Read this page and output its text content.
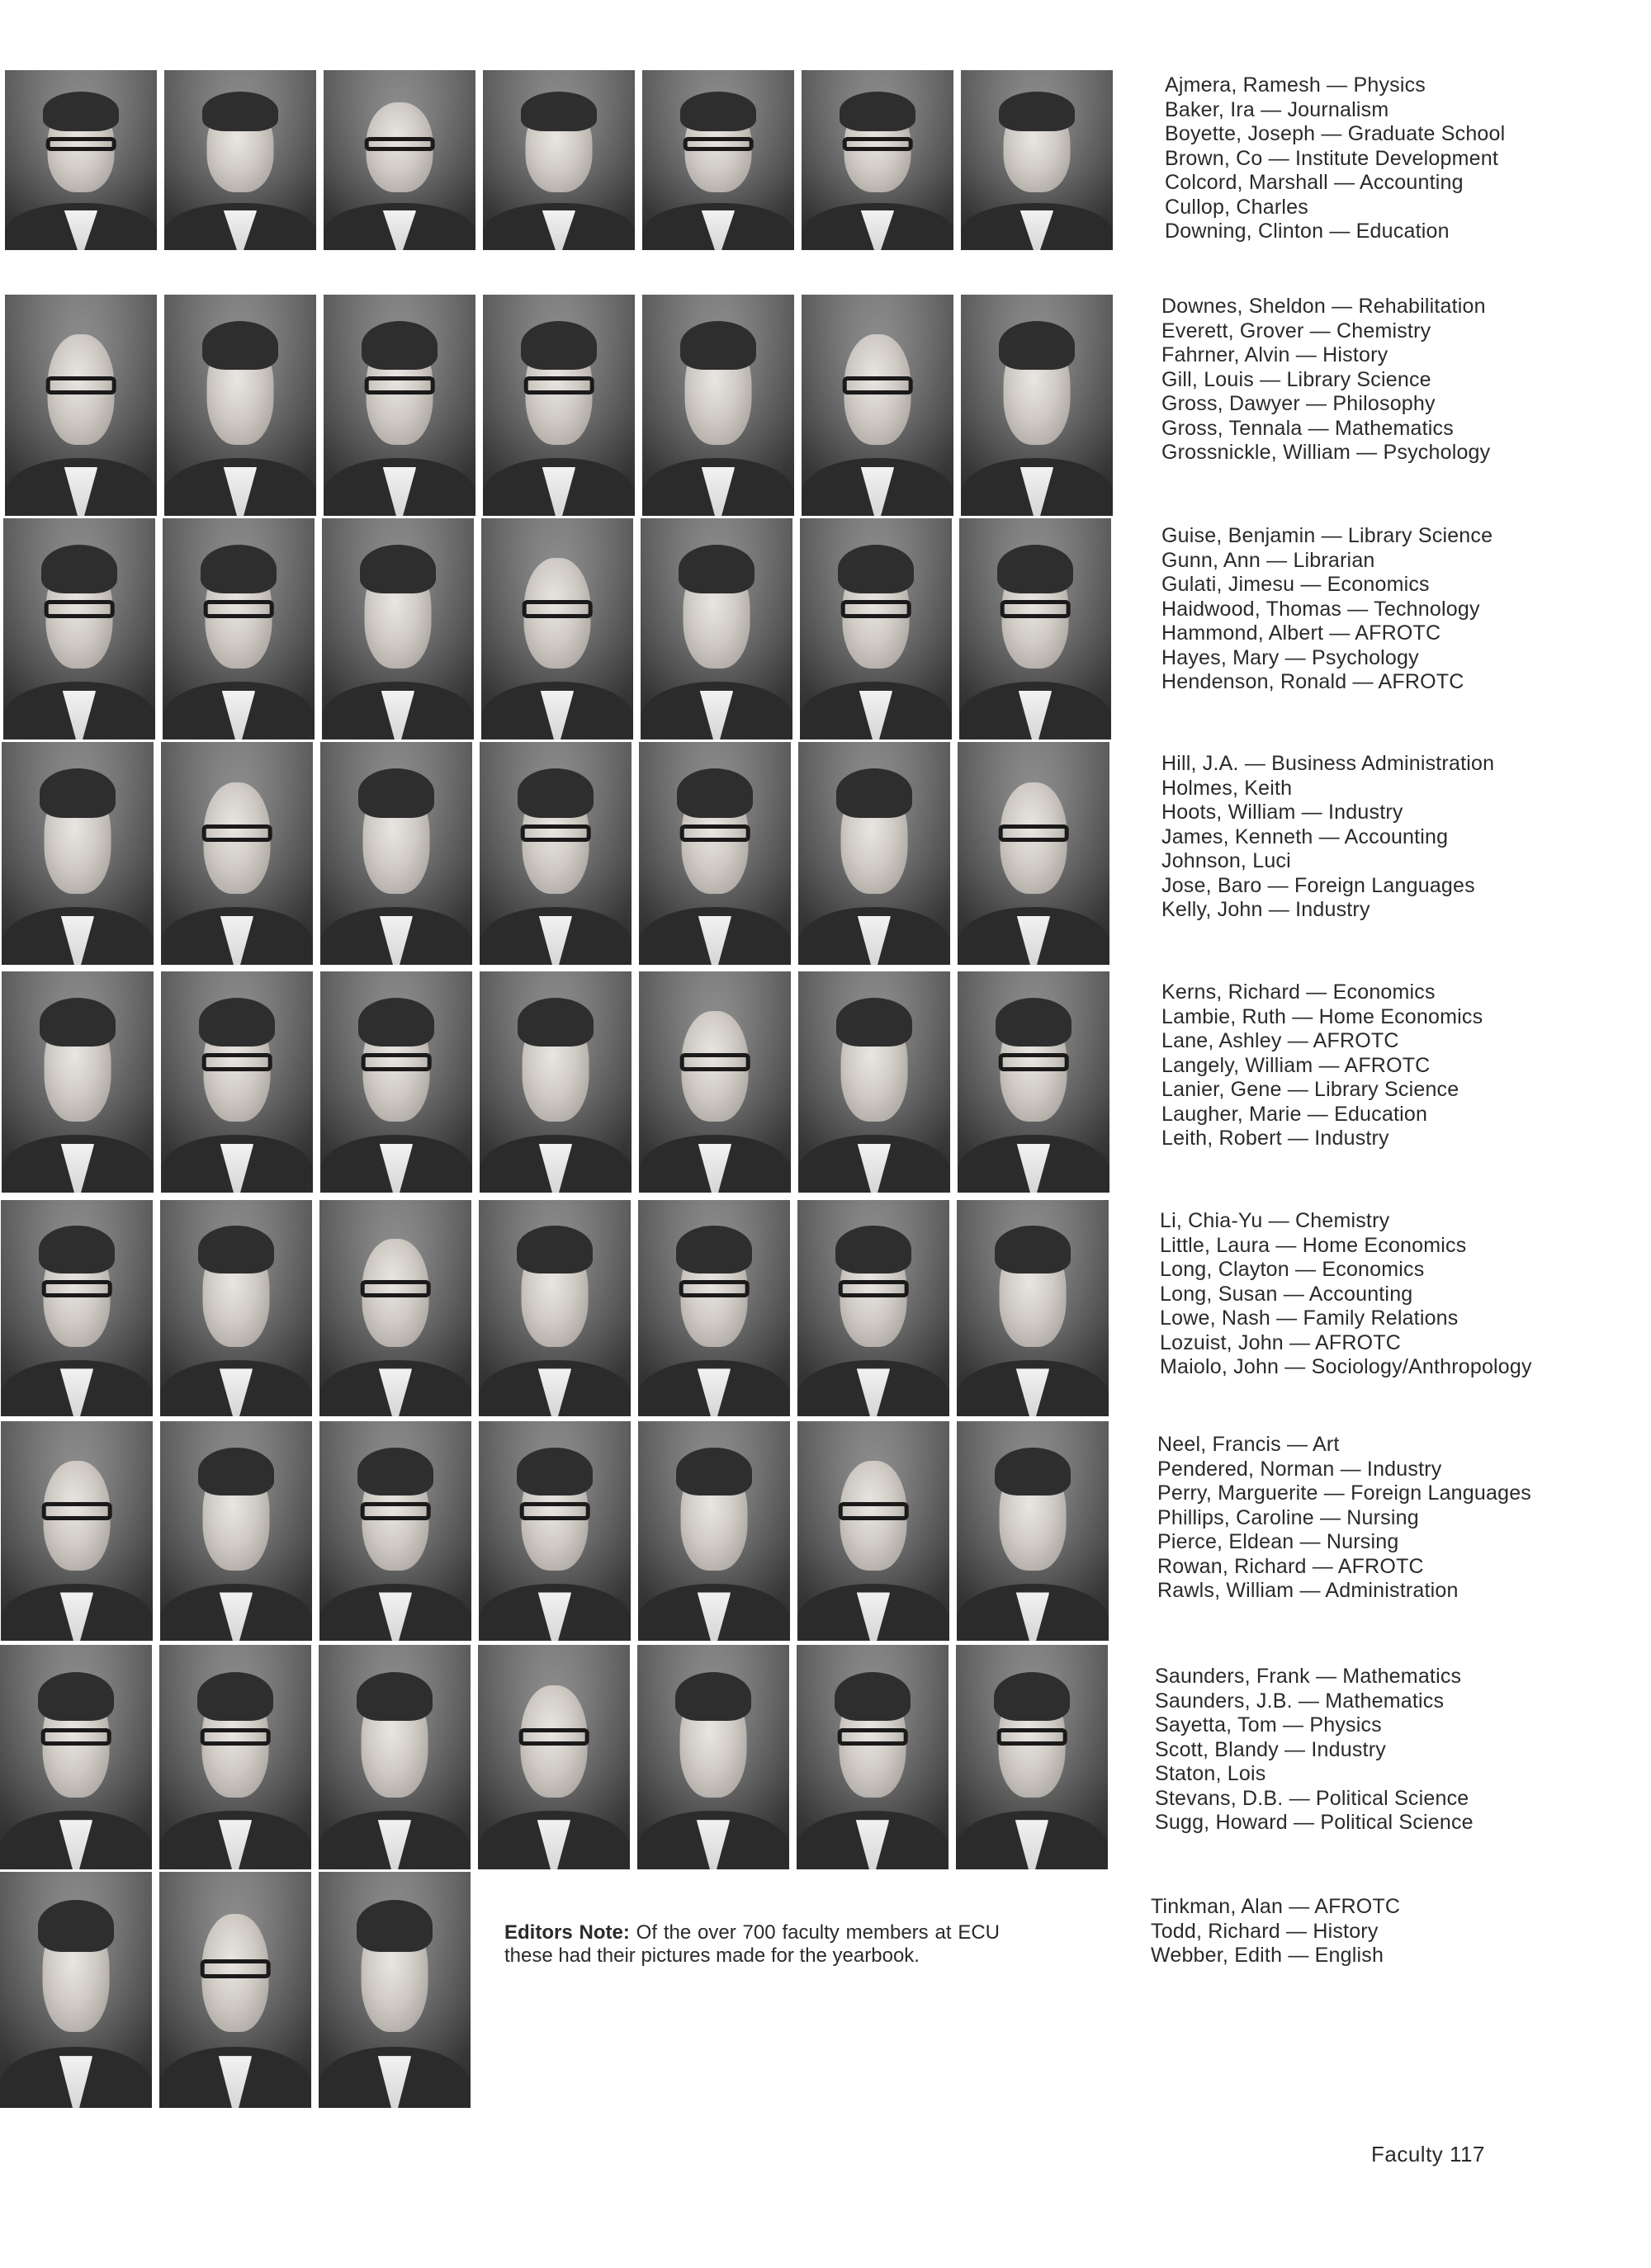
Ajmera, Ramesh — Physics
Baker, Ira — Journalism
Boyette, Joseph — Graduate School
Brown, Co — Institute Development
Colcord, Marshall — Accounting
Cullop, Charles
Downing, Clinton — Education
Downes, Sheldon — Rehabilitation
Everett, Grover — Chemistry
Fahrner, Alvin — History
Gill, Louis — Library Science
Gross, Dawyer — Philosophy
Gross, Tennala — Mathematics
Grossnickle, William — Psychology
Guise, Benjamin — Library Science
Gunn, Ann — Librarian
Gulati, Jimesu — Economics
Haidwood, Thomas — Technology
Hammond, Albert — AFROTC
Hayes, Mary — Psychology
Hendenson, Ronald — AFROTC
Hill, J.A. — Business Administration
Holmes, Keith
Hoots, William — Industry
James, Kenneth — Accounting
Johnson, Luci
Jose, Baro — Foreign Languages
Kelly, John — Industry
Kerns, Richard — Economics
Lambie, Ruth — Home Economics
Lane, Ashley — AFROTC
Langely, William — AFROTC
Lanier, Gene — Library Science
Laugher, Marie — Education
Leith, Robert — Industry
Li, Chia-Yu — Chemistry
Little, Laura — Home Economics
Long, Clayton — Economics
Long, Susan — Accounting
Lowe, Nash — Family Relations
Lozuist, John — AFROTC
Maiolo, John — Sociology/Anthropology
Neel, Francis — Art
Pendered, Norman — Industry
Perry, Marguerite — Foreign Languages
Phillips, Caroline — Nursing
Pierce, Eldean — Nursing
Rowan, Richard — AFROTC
Rawls, William — Administration
Saunders, Frank — Mathematics
Saunders, J.B. — Mathematics
Sayetta, Tom — Physics
Scott, Blandy — Industry
Staton, Lois
Stevans, D.B. — Political Science
Sugg, Howard — Political Science
Tinkman, Alan — AFROTC
Todd, Richard — History
Webber, Edith — English
Editors Note: Of the over 700 faculty members at ECU these had their pictures made for the yearbook.
Faculty 117
